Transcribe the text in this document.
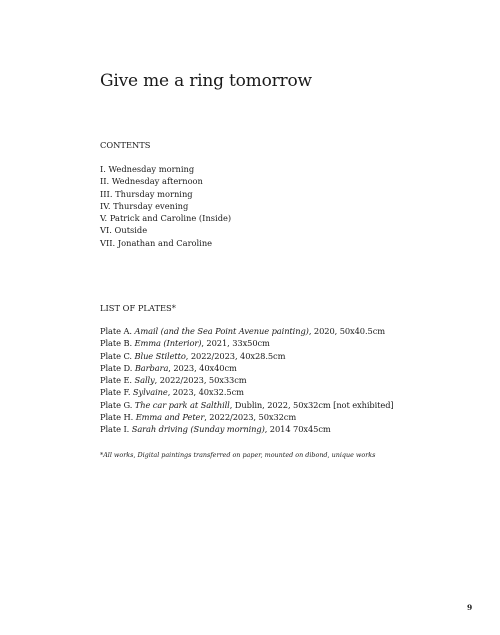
Give me a ring tomorrow
CONTENTS
I. Wednesday morning
II. Wednesday afternoon
III. Thursday morning
IV. Thursday evening
V. Patrick and Caroline (Inside)
VI. Outside
VII. Jonathan and Caroline
LIST OF PLATES*
Plate A. Amail (and the Sea Point Avenue painting), 2020, 50x40.5cm
Plate B. Emma (Interior), 2021, 33x50cm
Plate C. Blue Stiletto, 2022/2023, 40x28.5cm
Plate D. Barbara, 2023, 40x40cm
Plate E. Sally, 2022/2023, 50x33cm
Plate F. Sylvaine, 2023, 40x32.5cm
Plate G. The car park at Salthill, Dublin, 2022, 50x32cm [not exhibited]
Plate H. Emma and Peter, 2022/2023, 50x32cm
Plate I. Sarah driving (Sunday morning), 2014 70x45cm

*All works, Digital paintings transferred on paper, mounted on dibond, unique works

9
